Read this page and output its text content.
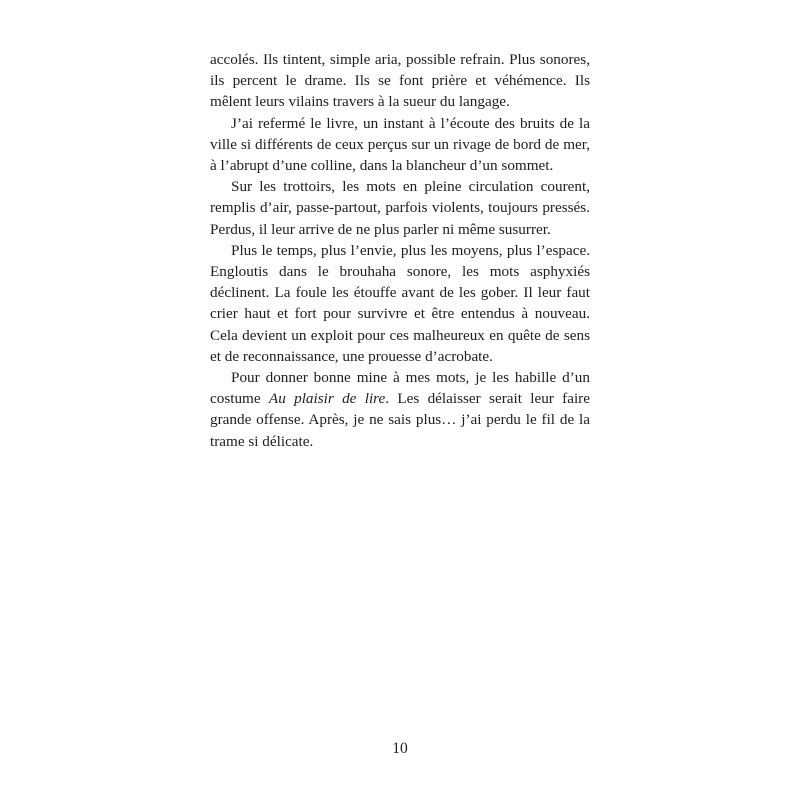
accolés. Ils tintent, simple aria, possible refrain. Plus sonores, ils percent le drame. Ils se font prière et véhémence. Ils mêlent leurs vilains travers à la sueur du langage.

J’ai refermé le livre, un instant à l’écoute des bruits de la ville si différents de ceux perçus sur un rivage de bord de mer, à l’abrupt d’une colline, dans la blancheur d’un sommet.

Sur les trottoirs, les mots en pleine circulation courent, remplis d’air, passe-partout, parfois violents, toujours pressés. Perdus, il leur arrive de ne plus parler ni même susurrer.

Plus le temps, plus l’envie, plus les moyens, plus l’espace. Engloutis dans le brouhaha sonore, les mots asphyxiés déclinent. La foule les étouffe avant de les gober. Il leur faut crier haut et fort pour survivre et être entendus à nouveau. Cela devient un exploit pour ces malheureux en quête de sens et de reconnaissance, une prouesse d’acrobate.

Pour donner bonne mine à mes mots, je les habille d’un costume Au plaisir de lire. Les délaisser serait leur faire grande offense. Après, je ne sais plus… j’ai perdu le fil de la trame si délicate.

10
